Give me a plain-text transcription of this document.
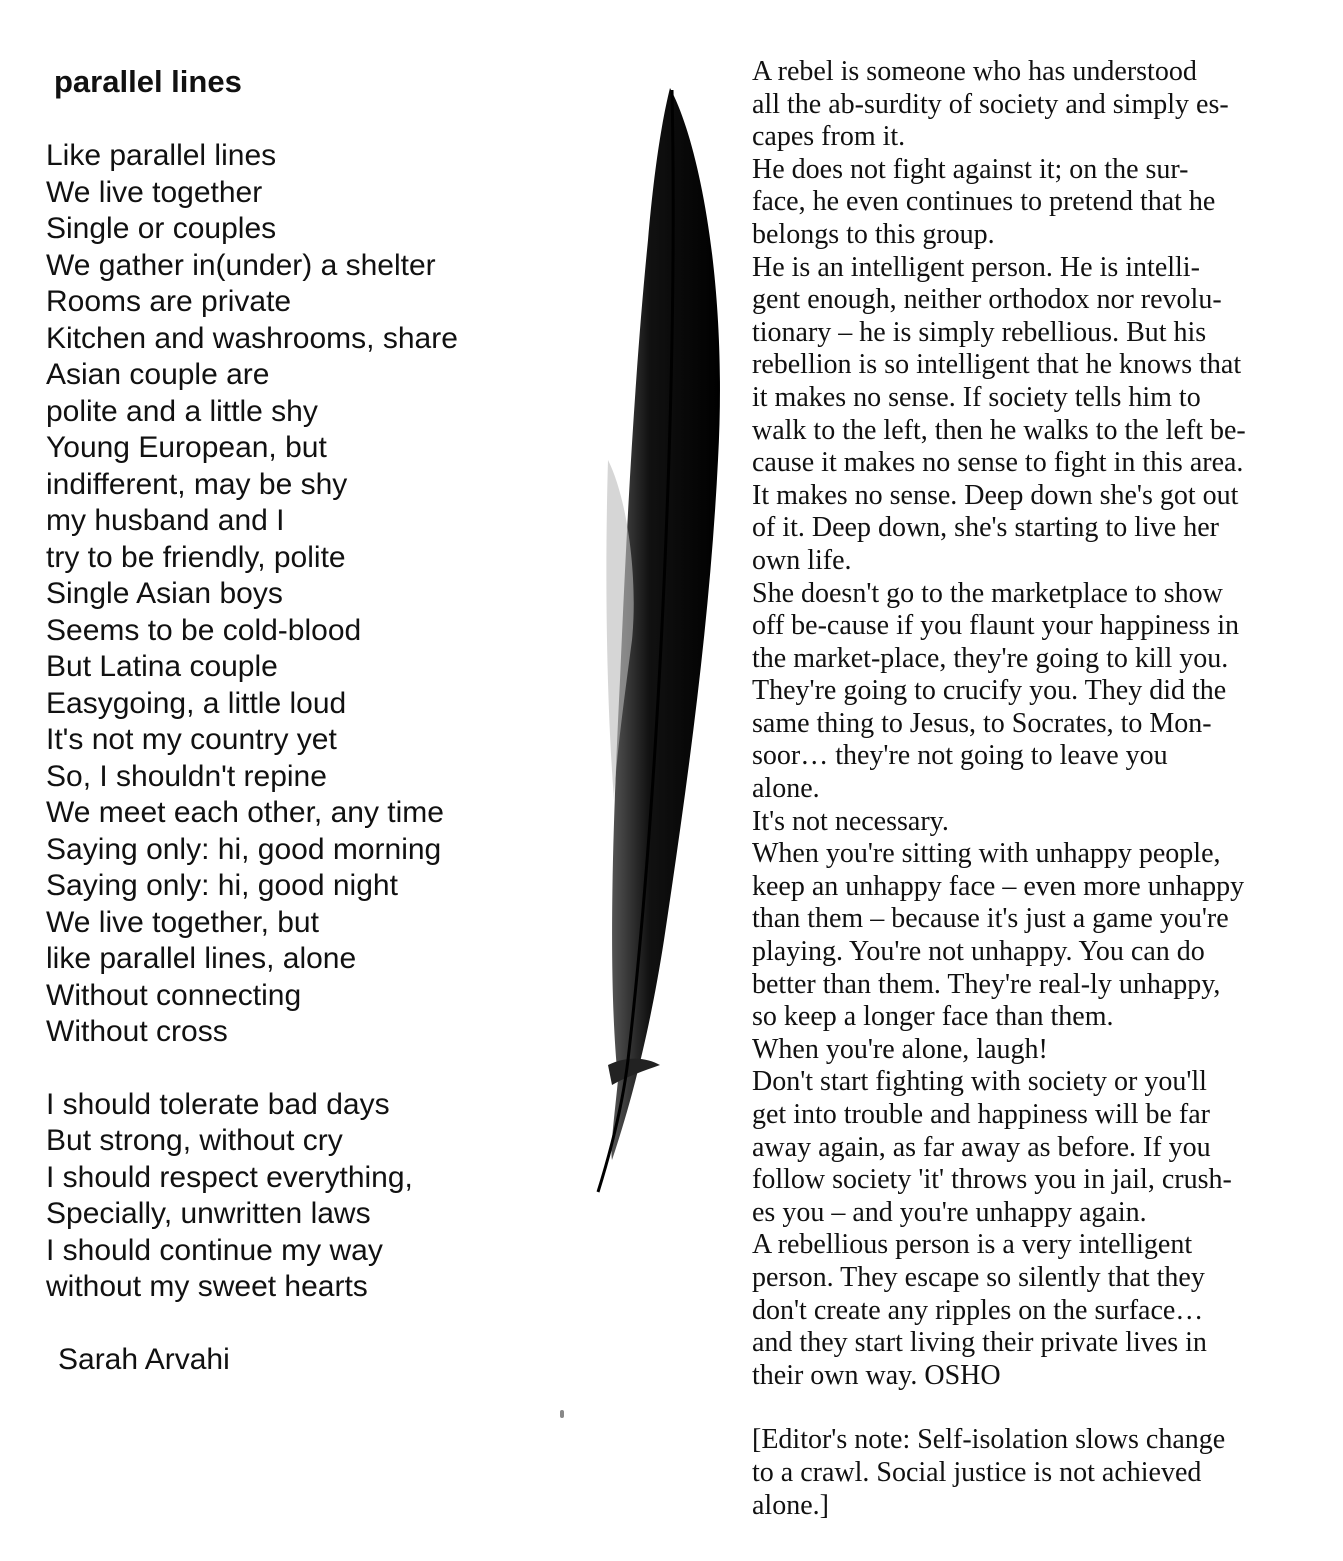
parallel lines
Like parallel lines
We live together
Single or couples
We gather in(under) a shelter
Rooms are private
Kitchen and washrooms, share
Asian couple are
polite and a little shy
Young European, but
indifferent, may be shy
my husband and I
try to be friendly, polite
Single Asian boys
Seems to be cold-blood
But Latina couple
Easygoing, a little loud
It's not my country yet
So, I shouldn't repine
We meet each other, any time
Saying only: hi, good morning
Saying only: hi, good night
We live together, but
like parallel lines, alone
Without connecting
Without cross
I should tolerate bad days
But strong, without cry
I should respect everything,
Specially, unwritten laws
I should continue my way
without my sweet hearts
Sarah Arvahi
A rebel is someone who has understood
all the ab-surdity of society and simply es-
capes from it.
He does not fight against it; on the sur-
face, he even continues to pretend that he
belongs to this group.
He is an intelligent person. He is intelli-
gent enough, neither orthodox nor revolu-
tionary – he is simply rebellious. But his
rebellion is so intelligent that he knows that
it makes no sense. If society tells him to
walk to the left, then he walks to the left be-
cause it makes no sense to fight in this area.
It makes no sense. Deep down she's got out
of it. Deep down, she's starting to live her
own life.
She doesn't go to the marketplace to show
off be-cause if you flaunt your happiness in
the market-place, they're going to kill you.
They're going to crucify you. They did the
same thing to Jesus, to Socrates, to Mon-
soor… they're not going to leave you
alone.
It's not necessary.
When you're sitting with unhappy people,
keep an unhappy face – even more unhappy
than them – because it's just a game you're
playing. You're not unhappy. You can do
better than them. They're real-ly unhappy,
so keep a longer face than them.
When you're alone, laugh!
Don't start fighting with society or you'll
get into trouble and happiness will be far
away again, as far away as before. If you
follow society 'it' throws you in jail, crush-
es you – and you're unhappy again.
A rebellious person is a very intelligent
person. They escape so silently that they
don't create any ripples on the surface…
and they start living their private lives in
their own way. OSHO
[Editor's note: Self-isolation slows change
to a crawl. Social justice is not achieved
alone.]
